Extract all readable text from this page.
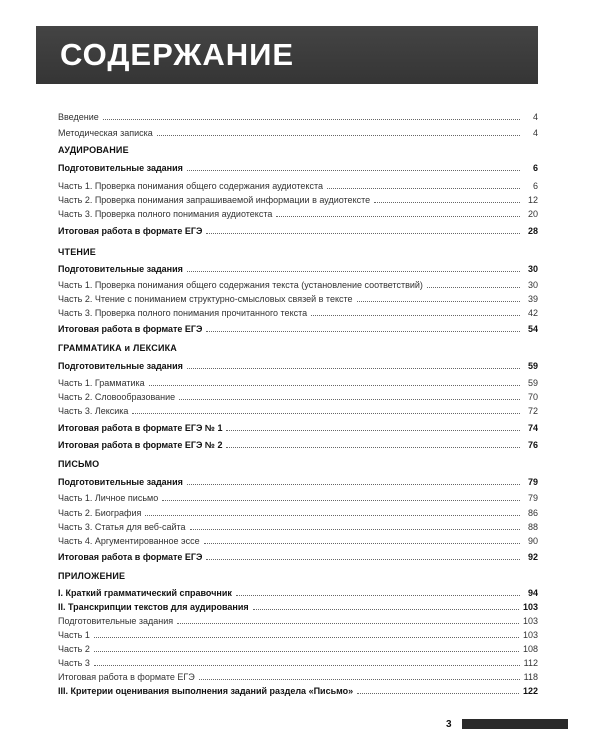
СОДЕРЖАНИЕ
Введение	4
Методическая записка	4
АУДИРОВАНИЕ
Подготовительные задания	6
Часть 1. Проверка понимания общего содержания аудиотекста	6
Часть 2. Проверка понимания запрашиваемой информации в аудиотексте	12
Часть 3. Проверка полного понимания аудиотекста	20
Итоговая работа в формате ЕГЭ	28
ЧТЕНИЕ
Подготовительные задания	30
Часть 1. Проверка понимания общего содержания текста (установление соответствий)	30
Часть 2. Чтение с пониманием структурно-смысловых связей в тексте	39
Часть 3. Проверка полного понимания прочитанного текста	42
Итоговая работа в формате ЕГЭ	54
ГРАММАТИКА и ЛЕКСИКА
Подготовительные задания	59
Часть 1. Грамматика	59
Часть 2. Словообразование	70
Часть 3. Лексика	72
Итоговая работа в формате ЕГЭ № 1	74
Итоговая работа в формате ЕГЭ № 2	76
ПИСЬМО
Подготовительные задания	79
Часть 1. Личное письмо	79
Часть 2. Биография	86
Часть 3. Статья для веб-сайта	88
Часть 4. Аргументированное эссе	90
Итоговая работа в формате ЕГЭ	92
ПРИЛОЖЕНИЕ
I. Краткий грамматический справочник	94
II. Транскрипции текстов для аудирования	103
Подготовительные задания	103
Часть 1	103
Часть 2	108
Часть 3	112
Итоговая работа в формате ЕГЭ	118
III. Критерии оценивания выполнения заданий раздела «Письмо»	122
3
